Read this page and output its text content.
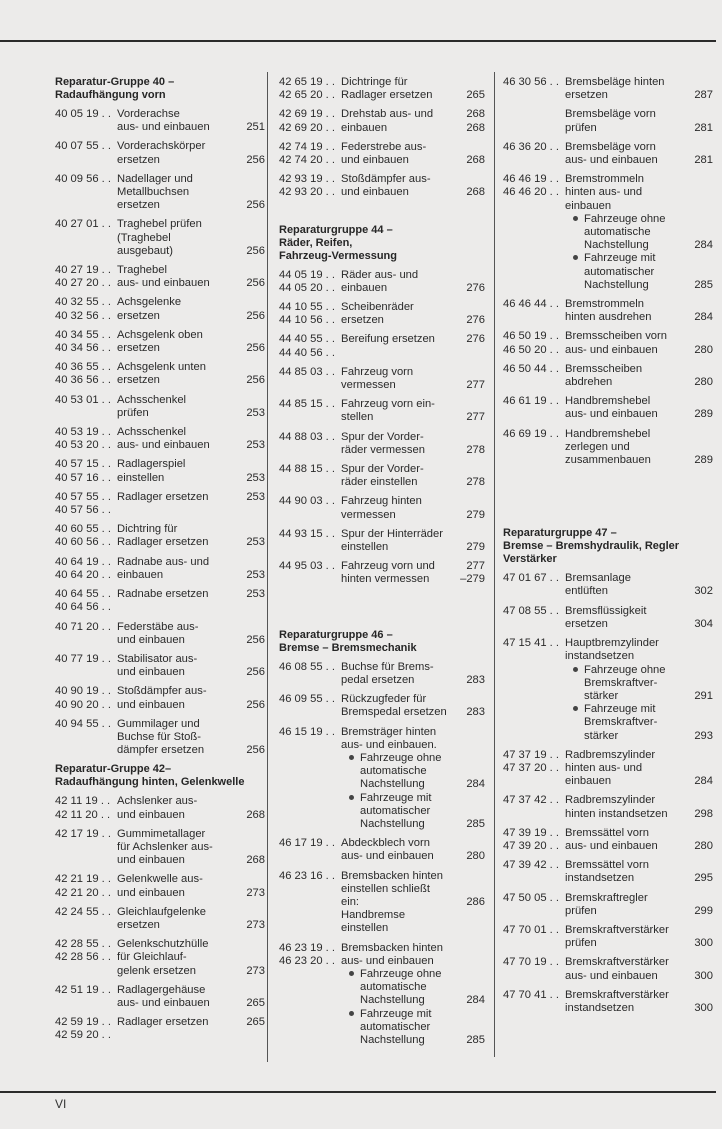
Reparatur-Gruppe 40 –
Radaufhängung vorn
40 05 19 . . Vorderachse
aus- und einbauen	251
40 07 55 . . Vorderachskörper
ersetzen	256
40 09 56 . . Nadellager und
Metallbuchsen
ersetzen	256
40 27 01 . . Traghebel prüfen
(Traghebel
ausgebaut)	256
40 27 19 . . Traghebel
40 27 20 . . aus- und einbauen	256
40 32 55 . . Achsgelenke
40 32 56 . . ersetzen	256
40 34 55 . . Achsgelenk oben
40 34 56 . . ersetzen	256
40 36 55 . . Achsgelenk unten
40 36 56 . . ersetzen	256
40 53 01 . . Achsschenkel
prüfen	253
40 53 19 . . Achsschenkel
40 53 20 . . aus- und einbauen	253
40 57 15 . . Radlagerspiel
40 57 16 . . einstellen	253
40 57 55 . . Radlager ersetzen	253
40 57 56 . .
40 60 55 . . Dichtring für
40 60 56 . . Radlager ersetzen	253
40 64 19 . . Radnabe aus- und
40 64 20 . . einbauen	253
40 64 55 . . Radnabe ersetzen	253
40 64 56 . .
40 71 20 . . Federstäbe aus-
und einbauen	256
40 77 19 . . Stabilisator aus-
und einbauen	256
40 90 19 . . Stoßdämpfer aus-
40 90 20 . . und einbauen	256
40 94 55 . . Gummilager und
Buchse für Stoß-
dämpfer ersetzen	256
Reparatur-Gruppe 42–
Radaufhängung hinten, Gelenkwelle
42 11 19 . . Achslenker aus-
42 11 20 . . und einbauen	268
42 17 19 . . Gummimetallager
für Achslenker aus-
und einbauen	268
42 21 19 . . Gelenkwelle aus-
42 21 20 . . und einbauen	273
42 24 55 . . Gleichlaufgelenke
ersetzen	273
42 28 55 . . Gelenkschutzhülle
42 28 56 . . für Gleichlauf-
gelenk ersetzen	273
42 51 19 . . Radlagergehäuse
aus- und einbauen	265
42 59 19 . . Radlager ersetzen	265
42 59 20 . .
42 65 19 . . Dichtringe für
42 65 20 . . Radlager ersetzen	265
42 69 19 . . Drehstab aus- und	268
42 69 20 . . einbauen	268
42 74 19 . . Federstrebe aus-
42 74 20 . . und einbauen	268
42 93 19 . . Stoßdämpfer aus-
42 93 20 . . und einbauen	268
Reparaturgruppe 44 –
Räder, Reifen,
Fahrzeug-Vermessung
44 05 19 . . Räder aus- und
44 05 20 . . einbauen	276
44 10 55 . . Scheibenräder
44 10 56 . . ersetzen	276
44 40 55 . . Bereifung ersetzen	276
44 40 56 . .
44 85 03 . . Fahrzeug vorn
vermessen	277
44 85 15 . . Fahrzeug vorn ein-
stellen	277
44 88 03 . . Spur der Vorder-
räder vermessen	278
44 88 15 . . Spur der Vorder-
räder einstellen	278
44 90 03 . . Fahrzeug hinten
vermessen	279
44 93 15 . . Spur der Hinterräder
einstellen	279
44 95 03 . . Fahrzeug vorn und	277
hinten vermessen	–279
Reparaturgruppe 46 –
Bremse – Bremsmechanik
46 08 55 . . Buchse für Brems-
pedal ersetzen	283
46 09 55 . . Rückzugfeder für
Bremspedal ersetzen	283
46 15 19 . . Bremsträger hinten
aus- und einbauen.
Fahrzeuge ohne
automatische
Nachstellung	284
Fahrzeuge mit
automatischer
Nachstellung	285
46 17 19 . . Abdeckblech vorn
aus- und einbauen	280
46 23 16 . . Bremsbacken hinten
einstellen schließt
ein:	286
Handbremse
einstellen
46 23 19 . . Bremsbacken hinten
46 23 20 . . aus- und einbauen
Fahrzeuge ohne
automatische
Nachstellung	284
Fahrzeuge mit
automatischer
Nachstellung	285
46 30 56 . . Bremsbeläge hinten
ersetzen	287
Bremsbeläge vorn
prüfen	281
46 36 20 . . Bremsbeläge vorn
aus- und einbauen	281
46 46 19 . . Bremstrommeln
46 46 20 . . hinten aus- und
einbauen
Fahrzeuge ohne
automatische
Nachstellung	284
Fahrzeuge mit
automatischer
Nachstellung	285
46 46 44 . . Bremstrommeln
hinten ausdrehen	284
46 50 19 . . Bremsscheiben vorn
46 50 20 . . aus- und einbauen	280
46 50 44 . . Bremsscheiben
abdrehen	280
46 61 19 . . Handbremshebel
aus- und einbauen	289
46 69 19 . . Handbremshebel
zerlegen und
zusammenbauen	289
Reparaturgruppe 47 –
Bremse – Bremshydraulik, Regler
Verstärker
47 01 67 . . Bremsanlage
entlüften	302
47 08 55 . . Bremsflüssigkeit
ersetzen	304
47 15 41 . . Hauptbremzylinder
instandsetzen
Fahrzeuge ohne
Bremskraftver-
stärker	291
Fahrzeuge mit
Bremskraftver-
stärker	293
47 37 19 . . Radbremszylinder
47 37 20 . . hinten aus- und
einbauen	284
47 37 42 . . Radbremszylinder
hinten instandsetzen	298
47 39 19 . . Bremssättel vorn
47 39 20 . . aus- und einbauen	280
47 39 42 . . Bremssättel vorn
instandsetzen	295
47 50 05 . . Bremskraftregler
prüfen	299
47 70 01 . . Bremskraftverstärker
prüfen	300
47 70 19 . . Bremskraftverstärker
aus- und einbauen	300
47 70 41 . . Bremskraftverstärker
instandsetzen	300
VI
